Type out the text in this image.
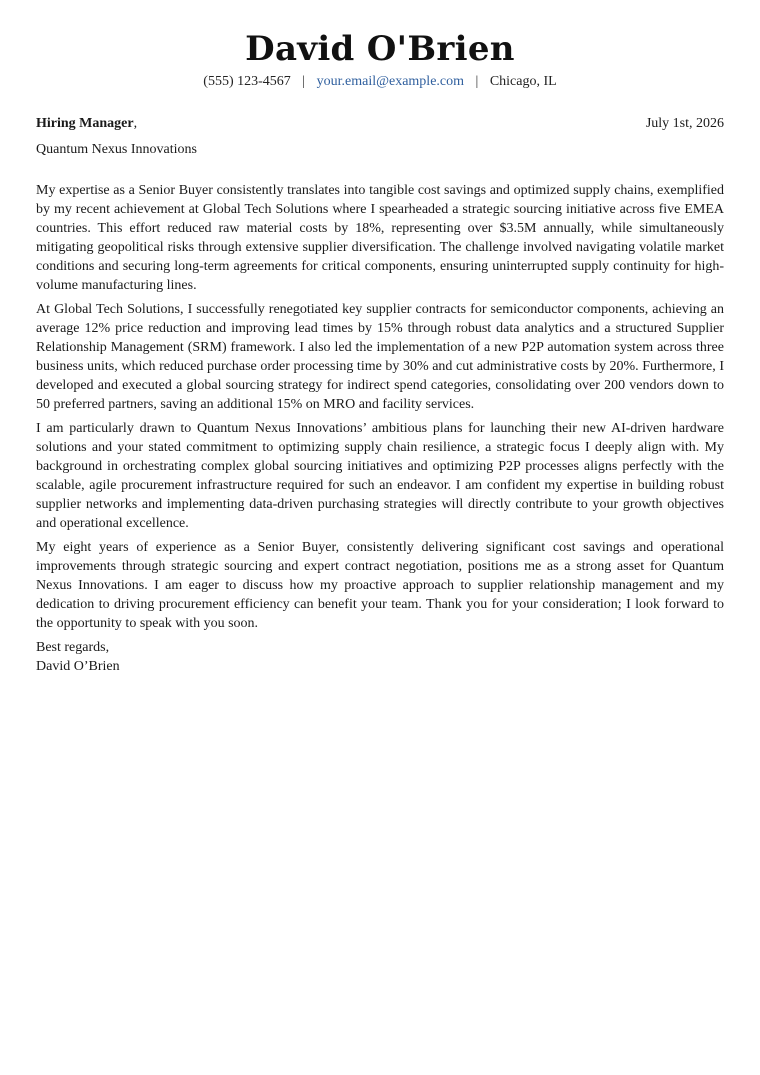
David O'Brien
(555) 123-4567 | your.email@example.com | Chicago, IL
Hiring Manager,	July 1st, 2026
Quantum Nexus Innovations

My expertise as a Senior Buyer consistently translates into tangible cost savings and optimized supply chains, exemplified by my recent achievement at Global Tech Solutions where I spearheaded a strategic sourcing initiative across five EMEA countries. This effort reduced raw material costs by 18%, representing over $3.5M annually, while simultaneously mitigating geopolitical risks through extensive supplier diversification. The challenge involved navigating volatile market conditions and securing long-term agreements for critical components, ensuring uninterrupted supply continuity for high-volume manufacturing lines.

At Global Tech Solutions, I successfully renegotiated key supplier contracts for semiconductor components, achieving an average 12% price reduction and improving lead times by 15% through robust data analytics and a structured Supplier Relationship Management (SRM) framework. I also led the implementation of a new P2P automation system across three business units, which reduced purchase order processing time by 30% and cut administrative costs by 20%. Furthermore, I developed and executed a global sourcing strategy for indirect spend categories, consolidating over 200 vendors down to 50 preferred partners, saving an additional 15% on MRO and facility services.

I am particularly drawn to Quantum Nexus Innovations’ ambitious plans for launching their new AI-driven hardware solutions and your stated commitment to optimizing supply chain resilience, a strategic focus I deeply align with. My background in orchestrating complex global sourcing initiatives and optimizing P2P processes aligns perfectly with the scalable, agile procurement infrastructure required for such an endeavor. I am confident my expertise in building robust supplier networks and implementing data-driven purchasing strategies will directly contribute to your growth objectives and operational excellence.

My eight years of experience as a Senior Buyer, consistently delivering significant cost savings and operational improvements through strategic sourcing and expert contract negotiation, positions me as a strong asset for Quantum Nexus Innovations. I am eager to discuss how my proactive approach to supplier relationship management and my dedication to driving procurement efficiency can benefit your team. Thank you for your consideration; I look forward to the opportunity to speak with you soon.

Best regards,
David O’Brien
